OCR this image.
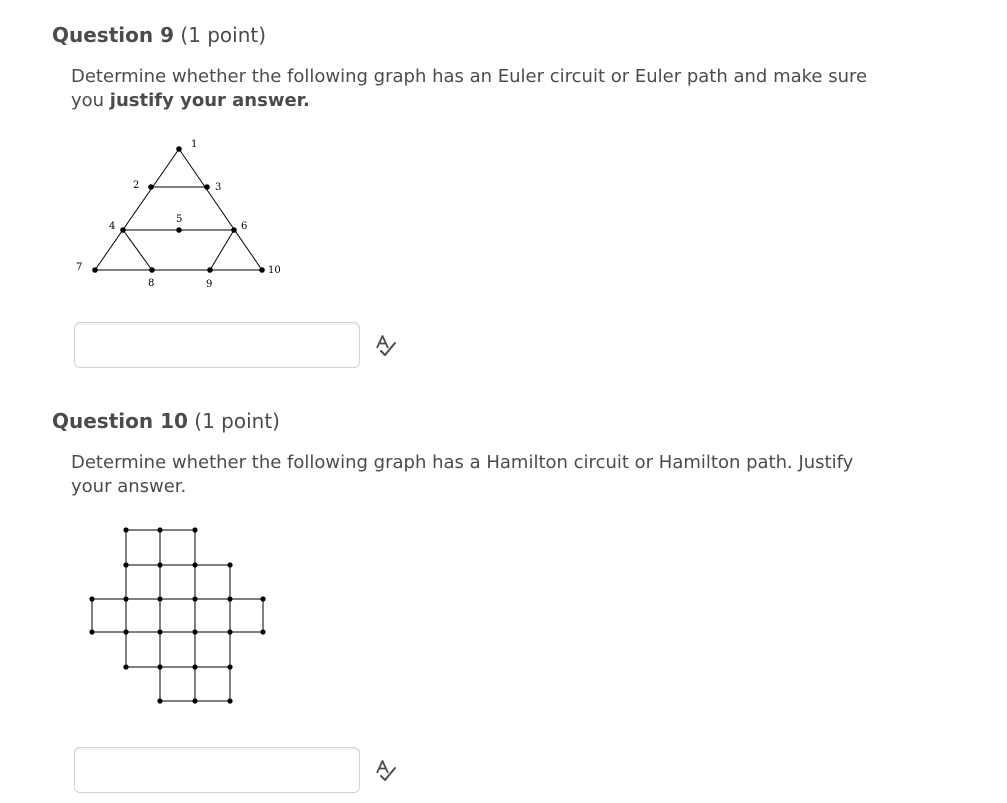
Question 9 (1 point)
Determine whether the following graph has an Euler circuit or Euler path and make sure you justify your answer.
1
2	3
4
5
6
7
8	9
10
Question 10 (1 point)
Determine whether the following graph has a Hamilton circuit or Hamilton path. Justify your answer.
